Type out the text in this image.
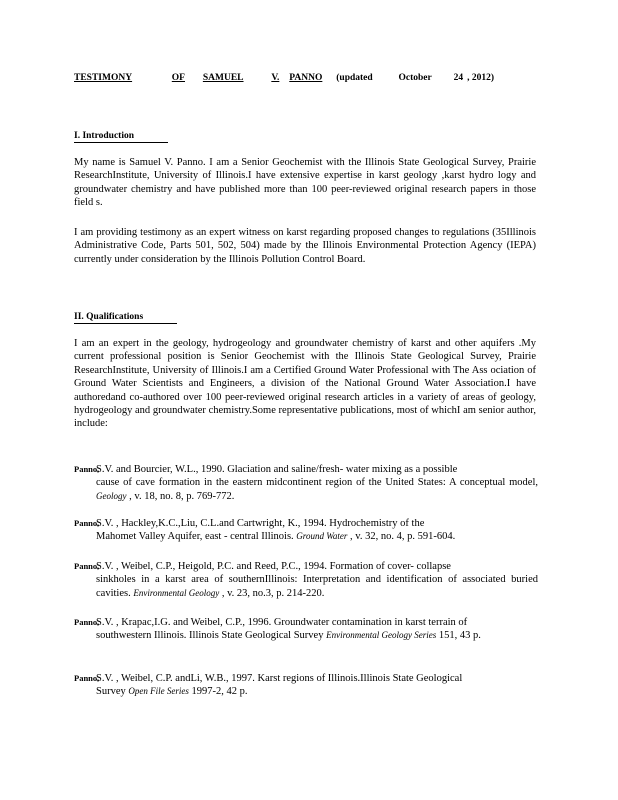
TESTIMONY	OF SAMUEL	V. PANNO (updated	October 24 , 2012)
I. Introduction
My name is Samuel V. Panno. I am a Senior Geochemist with the Illinois State Geological Survey, Prairie ResearchInstitute, University of Illinois.I have extensive expertise in karst geology ,karst hydro logy and groundwater chemistry and have published more than 100 peer-reviewed original research papers in those field s.
I am providing testimony as an expert witness on karst regarding proposed changes to regulations (35Illinois Administrative Code, Parts 501, 502, 504) made by the Illinois Environmental Protection Agency (IEPA) currently under consideration by the Illinois Pollution Control Board.
II. Qualifications
I am an expert in the geology, hydrogeology and groundwater chemistry of karst and other aquifers .My current professional position is Senior Geochemist with the Illinois State Geological Survey, Prairie ResearchInstitute, University of Illinois.I am a Certified Ground Water Professional with The Ass ociation of Ground Water Scientists and Engineers, a division of the National Ground Water Association.I have authoredand co-authored over 100 peer-reviewed original research articles in a variety of areas of geology, hydrogeology and groundwater chemistry.Some representative publications, most of whichI am senior author, include:
Panno,S.V. and Bourcier, W.L., 1990. Glaciation and saline/fresh- water mixing as a possible
cause of cave formation in the eastern midcontinent region of the United States: A conceptual model, Geology , v. 18, no. 8, p. 769-772.
Panno,S.V. , Hackley,K.C.,Liu, C.L.and Cartwright, K., 1994. Hydrochemistry of the
Mahomet Valley Aquifer, east - central Illinois. Ground Water , v. 32, no. 4, p. 591-604.
Panno,S.V. , Weibel, C.P., Heigold, P.C. and Reed, P.C., 1994. Formation of cover- collapse
sinkholes in a karst area of southernIllinois: Interpretation and identification of associated buried cavities. Environmental Geology , v. 23, no.3, p. 214-220.
Panno,S.V. , Krapac,I.G. and Weibel, C.P., 1996. Groundwater contamination in karst terrain of
southwestern Illinois. Illinois State Geological Survey Environmental Geology Series 151, 43 p.
Panno,S.V. , Weibel, C.P. andLi, W.B., 1997. Karst regions of Illinois.Illinois State Geological
Survey Open File Series 1997-2, 42 p.
